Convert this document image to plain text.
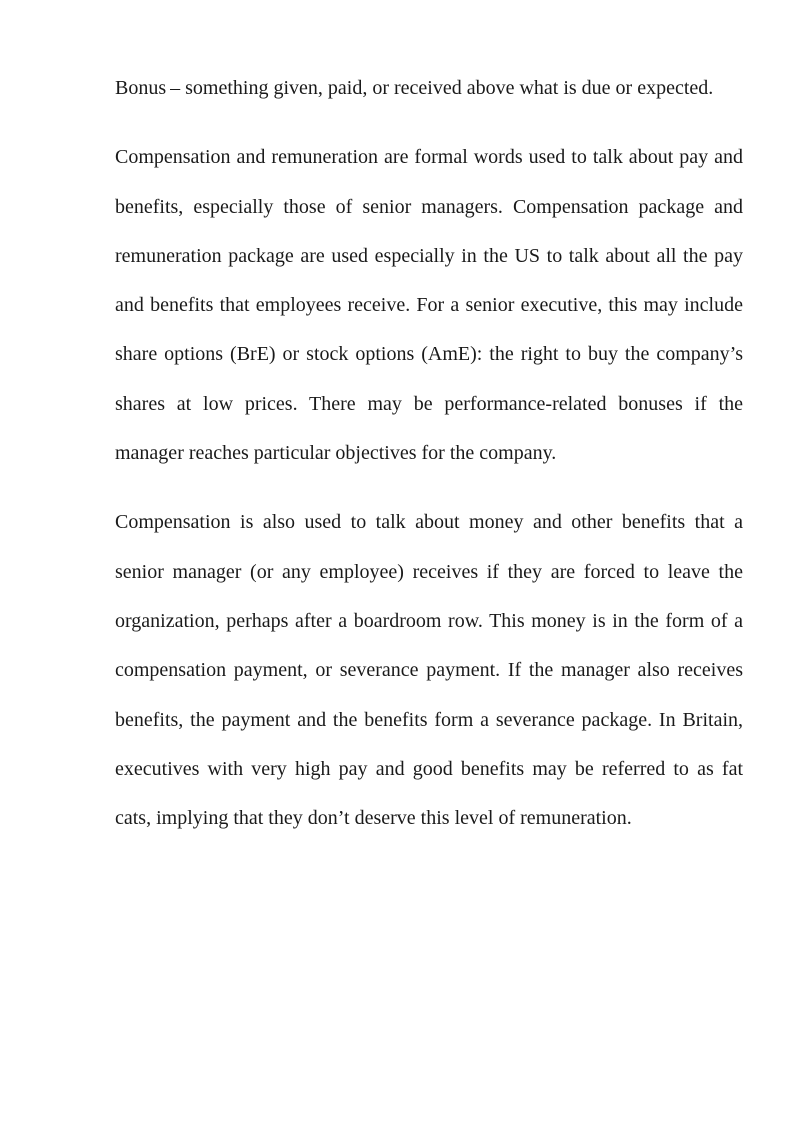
Bonus – something given, paid, or received above what is due or expected.

Compensation and remuneration are formal words used to talk about pay and benefits, especially those of senior managers. Compensation package and remuneration package are used especially in the US to talk about all the pay and benefits that employees receive. For a senior executive, this may include share options (BrE) or stock options (AmE): the right to buy the company’s shares at low prices. There may be performance-related bonuses if the manager reaches particular objectives for the company.

Compensation is also used to talk about money and other benefits that a senior manager (or any employee) receives if they are forced to leave the organization, perhaps after a boardroom row. This money is in the form of a compensation payment, or severance payment. If the manager also receives benefits, the payment and the benefits form a severance package. In Britain, executives with very high pay and good benefits may be referred to as fat cats, implying that they don’t deserve this level of remuneration.
